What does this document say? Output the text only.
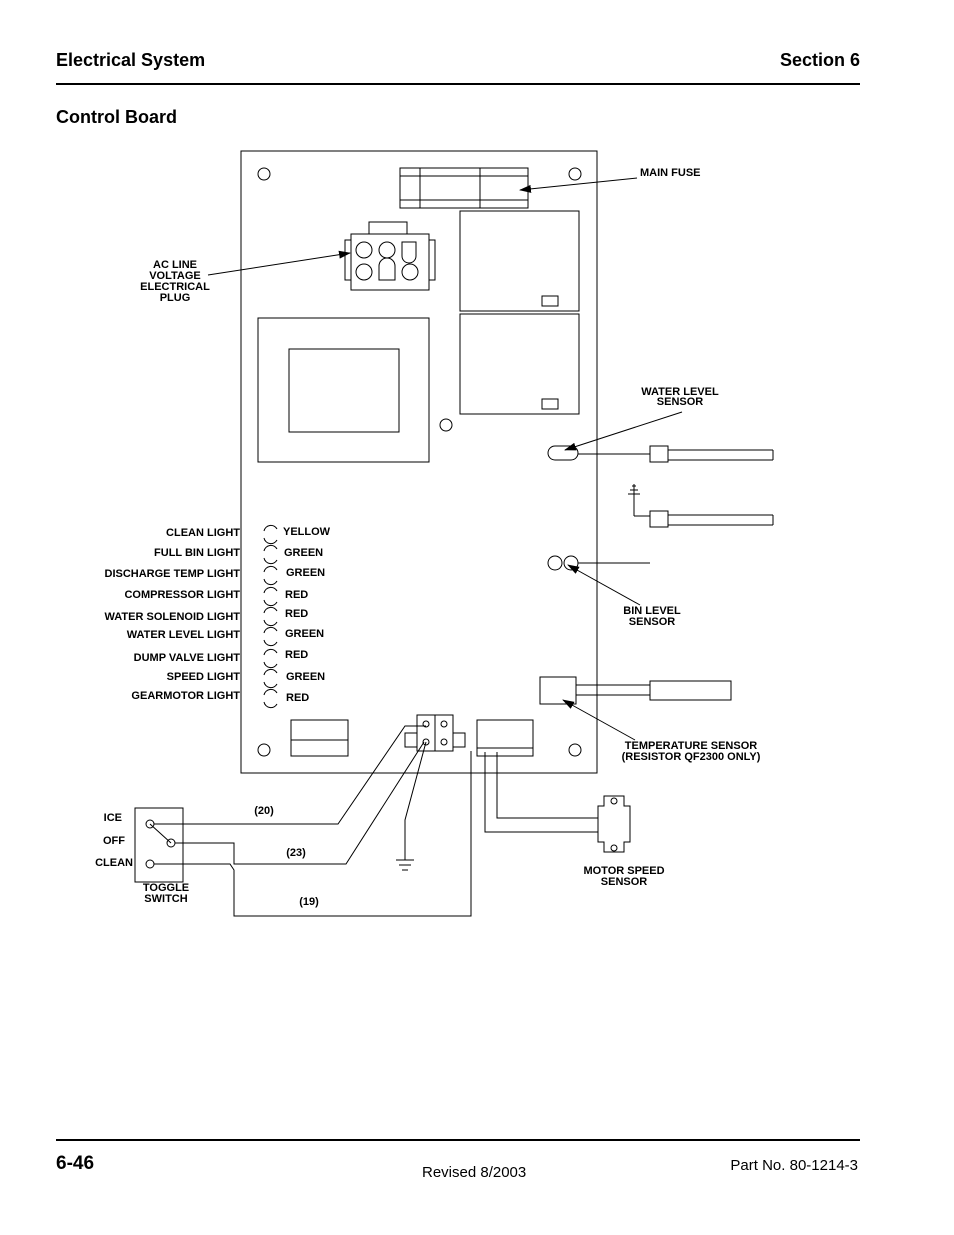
Electrical System	Section 6
Control Board
MAIN FUSE
AC LINE
VOLTAGE
ELECTRICAL
PLUG
WATER LEVEL
SENSOR
BIN LEVEL
SENSOR
TEMPERATURE SENSOR
(RESISTOR QF2300 ONLY)
MOTOR SPEED
SENSOR
TOGGLE
SWITCH
ICE
OFF
CLEAN
(20)
(23)
(19)
CLEAN LIGHT	YELLOW
FULL BIN LIGHT	GREEN
DISCHARGE TEMP LIGHT	GREEN
COMPRESSOR LIGHT	RED
WATER SOLENOID LIGHT	RED
WATER LEVEL LIGHT	GREEN
DUMP VALVE LIGHT	RED
SPEED LIGHT	GREEN
GEARMOTOR LIGHT	RED
6-46	Revised 8/2003	Part No. 80-1214-3
